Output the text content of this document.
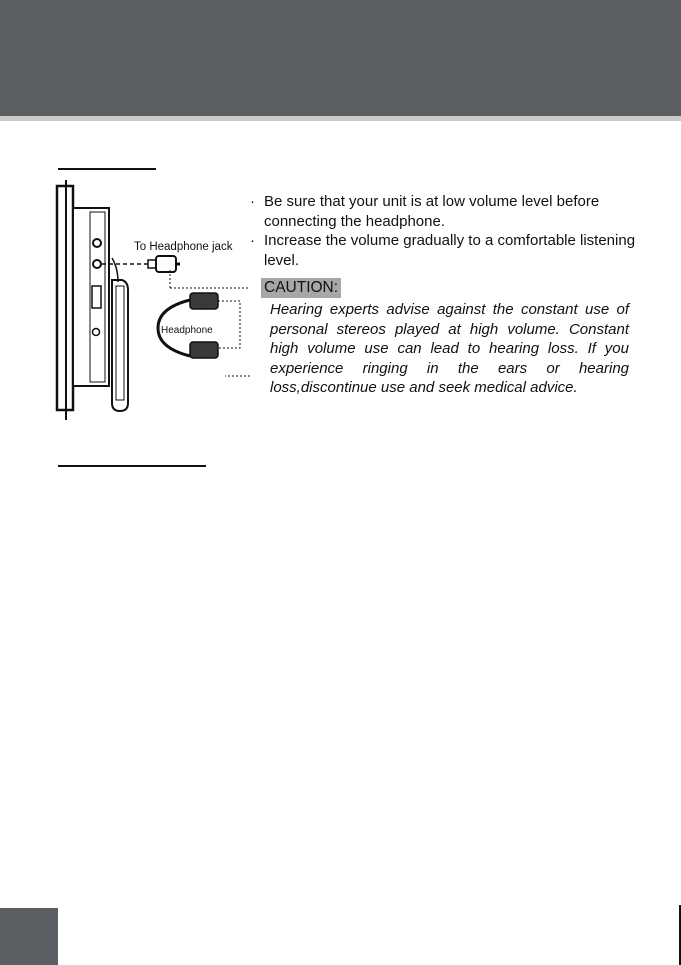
To Headphone jack
Headphone
· Be sure that your unit is at low volume level before connecting the headphone.
· Increase the volume gradually to a comfortable listening level.
CAUTION:

Hearing experts advise against the constant use of personal stereos played at high volume. Constant high volume use can lead to hearing loss. If you experience ringing in the ears or hearing loss,discontinue use and seek medical advice.
